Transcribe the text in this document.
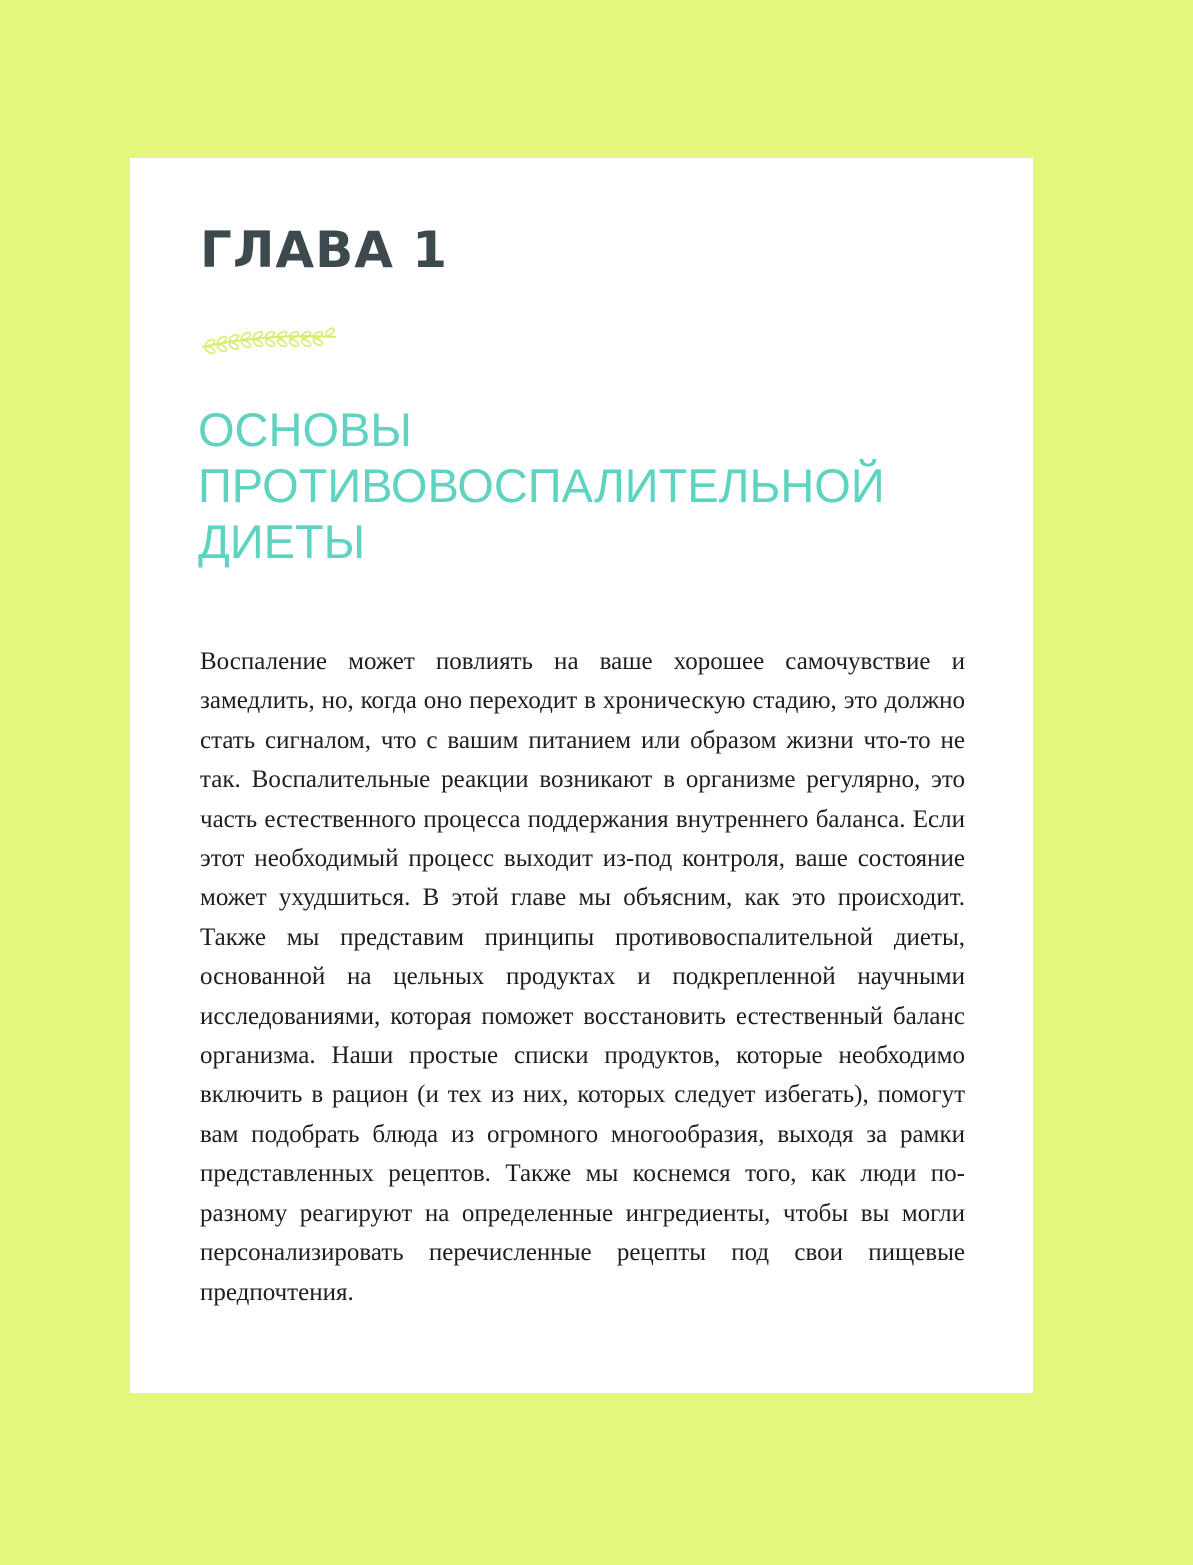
ГЛАВА 1
ОСНОВЫ
ПРОТИВОВОСПАЛИТЕЛЬНОЙ
ДИЕТЫ

Воспаление может повлиять на ваше хорошее самочувствие и замедлить, но, когда оно переходит в хроническую стадию, это должно стать сигналом, что с вашим питанием или образом жизни что-то не так. Воспалительные реакции возникают в организме регулярно, это часть естественного процесса поддержания внутреннего баланса. Если этот необходимый процесс выходит из-под контроля, ваше состояние может ухудшиться. В этой главе мы объясним, как это происходит. Также мы представим принципы противовоспалительной диеты, основанной на цельных продуктах и подкрепленной научными исследованиями, которая поможет восстановить естественный баланс организма. Наши простые списки продуктов, которые необходимо включить в рацион (и тех из них, которых следует избегать), помогут вам подобрать блюда из огромного многообразия, выходя за рамки представленных рецептов. Также мы коснемся того, как люди по-разному реагируют на определенные ингредиенты, чтобы вы могли персонализировать перечисленные рецепты под свои пищевые предпочтения.
